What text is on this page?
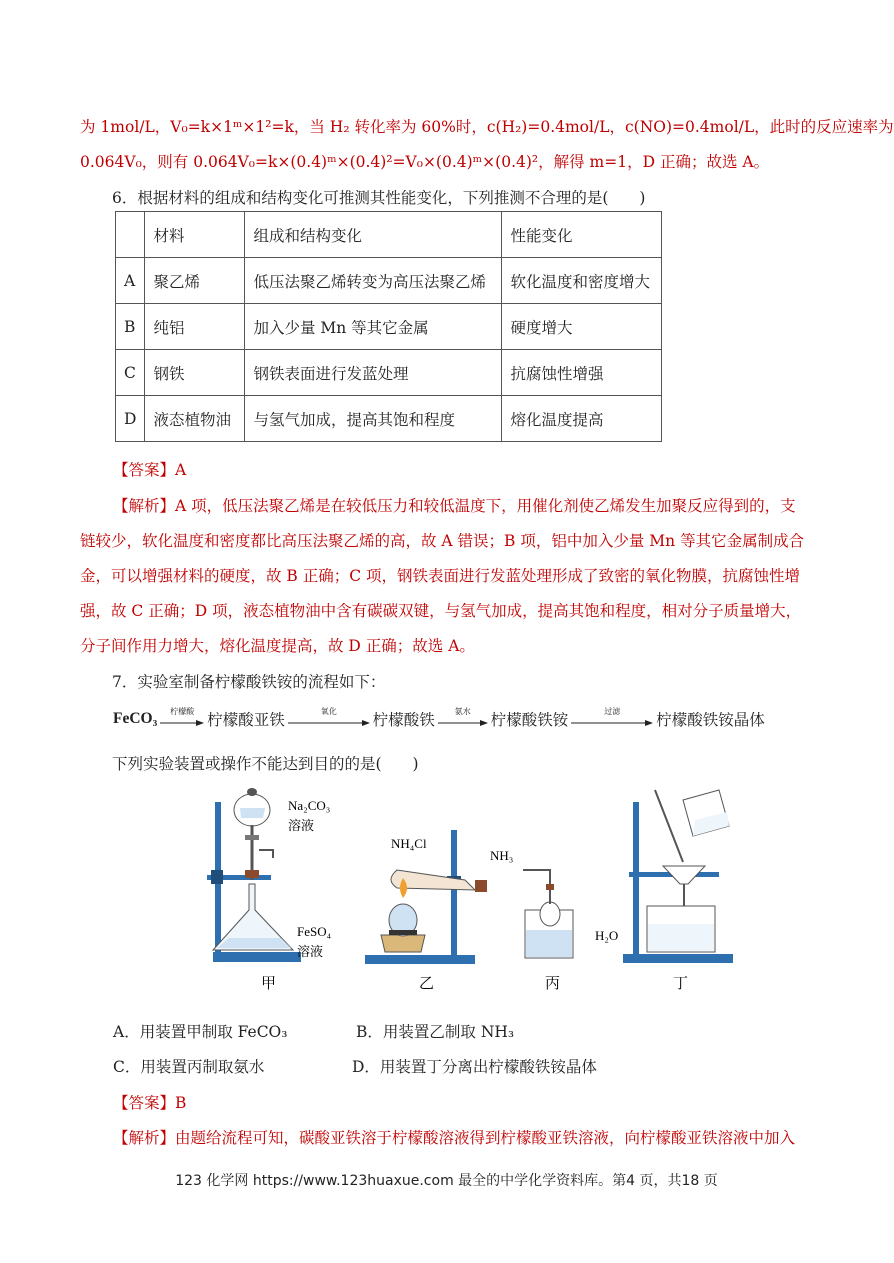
为 1mol/L，V₀=k×1ᵐ×1²=k，当 H₂ 转化率为 60%时，c(H₂)=0.4mol/L，c(NO)=0.4mol/L，此时的反应速率为
0.064V₀，则有 0.064V₀=k×(0.4)ᵐ×(0.4)²=V₀×(0.4)ᵐ×(0.4)²，解得 m=1，D 正确；故选 A。
6．根据材料的组成和结构变化可推测其性能变化，下列推测不合理的是(　　)
	材料	组成和结构变化	性能变化
A	聚乙烯	低压法聚乙烯转变为高压法聚乙烯	软化温度和密度增大
B	纯铝	加入少量 Mn 等其它金属	硬度增大
C	钢铁	钢铁表面进行发蓝处理	抗腐蚀性增强
D	液态植物油	与氢气加成，提高其饱和程度	熔化温度提高
【答案】A
【解析】A 项，低压法聚乙烯是在较低压力和较低温度下，用催化剂使乙烯发生加聚反应得到的，支
链较少，软化温度和密度都比高压法聚乙烯的高，故 A 错误；B 项，铝中加入少量 Mn 等其它金属制成合
金，可以增强材料的硬度，故 B 正确；C 项，钢铁表面进行发蓝处理形成了致密的氧化物膜，抗腐蚀性增
强，故 C 正确；D 项，液态植物油中含有碳碳双键，与氢气加成，提高其饱和程度，相对分子质量增大，
分子间作用力增大，熔化温度提高，故 D 正确；故选 A。
7．实验室制备柠檬酸铁铵的流程如下：
FeCO₃	柠檬酸 柠檬酸亚铁	氧化	柠檬酸铁	氨水	柠檬酸铁铵	过滤	柠檬酸铁铵晶体
下列实验装置或操作不能达到目的的是(　　)
Na₂CO₃
溶液
FeSO₄
溶液
NH₄Cl
NH₃
H₂O
甲	乙	丙	丁
A．用装置甲制取 FeCO₃	B．用装置乙制取 NH₃
C．用装置丙制取氨水	D．用装置丁分离出柠檬酸铁铵晶体
【答案】B
【解析】由题给流程可知，碳酸亚铁溶于柠檬酸溶液得到柠檬酸亚铁溶液，向柠檬酸亚铁溶液中加入
123 化学网 https://www.123huaxue.com 最全的中学化学资料库。第4 页，共18 页
